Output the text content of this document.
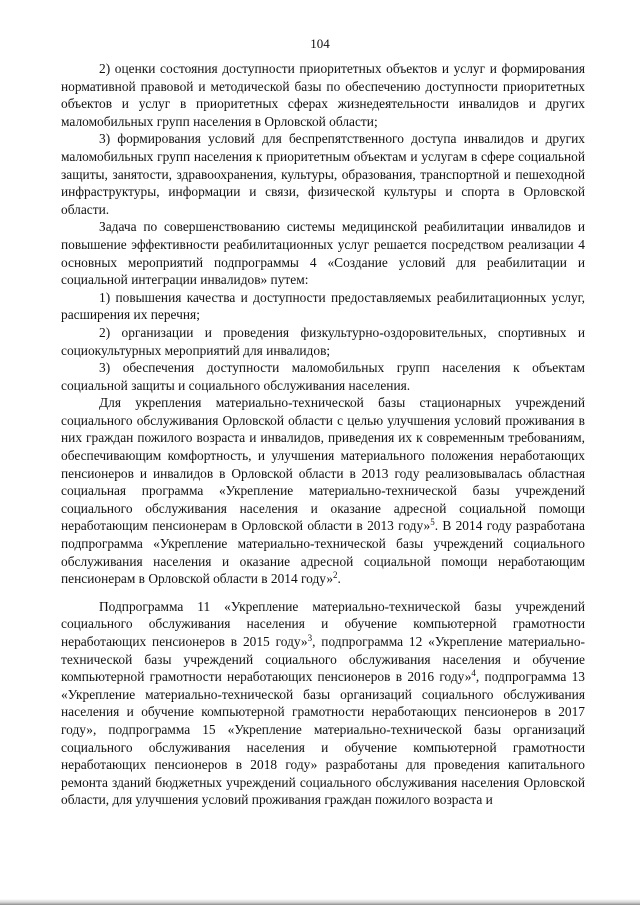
104

2) оценки состояния доступности приоритетных объектов и услуг и формирования нормативной правовой и методической базы по обеспечению доступности приоритетных объектов и услуг в приоритетных сферах жизнедеятельности инвалидов и других маломобильных групп населения в Орловской области;

3) формирования условий для беспрепятственного доступа инвалидов и других маломобильных групп населения к приоритетным объектам и услугам в сфере социальной защиты, занятости, здравоохранения, культуры, образования, транспортной и пешеходной инфраструктуры, информации и связи, физической культуры и спорта в Орловской области.

Задача по совершенствованию системы медицинской реабилитации инвалидов и повышение эффективности реабилитационных услуг решается посредством реализации 4 основных мероприятий подпрограммы 4 «Создание условий для реабилитации и социальной интеграции инвалидов» путем:

1) повышения качества и доступности предоставляемых реабилитационных услуг, расширения их перечня;

2) организации и проведения физкультурно-оздоровительных, спортивных и социокультурных мероприятий для инвалидов;

3) обеспечения доступности маломобильных групп населения к объектам социальной защиты и социального обслуживания населения.

Для укрепления материально-технической базы стационарных учреждений социального обслуживания Орловской области с целью улучшения условий проживания в них граждан пожилого возраста и инвалидов, приведения их к современным требованиям, обеспечивающим комфортность, и улучшения материального положения неработающих пенсионеров и инвалидов в Орловской области в 2013 году реализовывалась областная социальная программа «Укрепление материально-технической базы учреждений социального обслуживания населения и оказание адресной социальной помощи неработающим пенсионерам в Орловской области в 2013 году»$^5$. В 2014 году разработана подпрограмма «Укрепление материально-технической базы учреждений социального обслуживания населения и оказание адресной социальной помощи неработающим пенсионерам в Орловской области в 2014 году»$^2$.

Подпрограмма 11 «Укрепление материально-технической базы учреждений социального обслуживания населения и обучение компьютерной грамотности неработающих пенсионеров в 2015 году»$^3$, подпрограмма 12 «Укрепление материально-технической базы учреждений социального обслуживания населения и обучение компьютерной грамотности неработающих пенсионеров в 2016 году»$^4$, подпрограмма 13 «Укрепление материально-технической базы организаций социального обслуживания населения и обучение компьютерной грамотности неработающих пенсионеров в 2017 году», подпрограмма 15 «Укрепление материально-технической базы организаций социального обслуживания населения и обучение компьютерной грамотности неработающих пенсионеров в 2018 году» разработаны для проведения капитального ремонта зданий бюджетных учреждений социального обслуживания населения Орловской области, для улучшения условий проживания граждан пожилого возраста и
